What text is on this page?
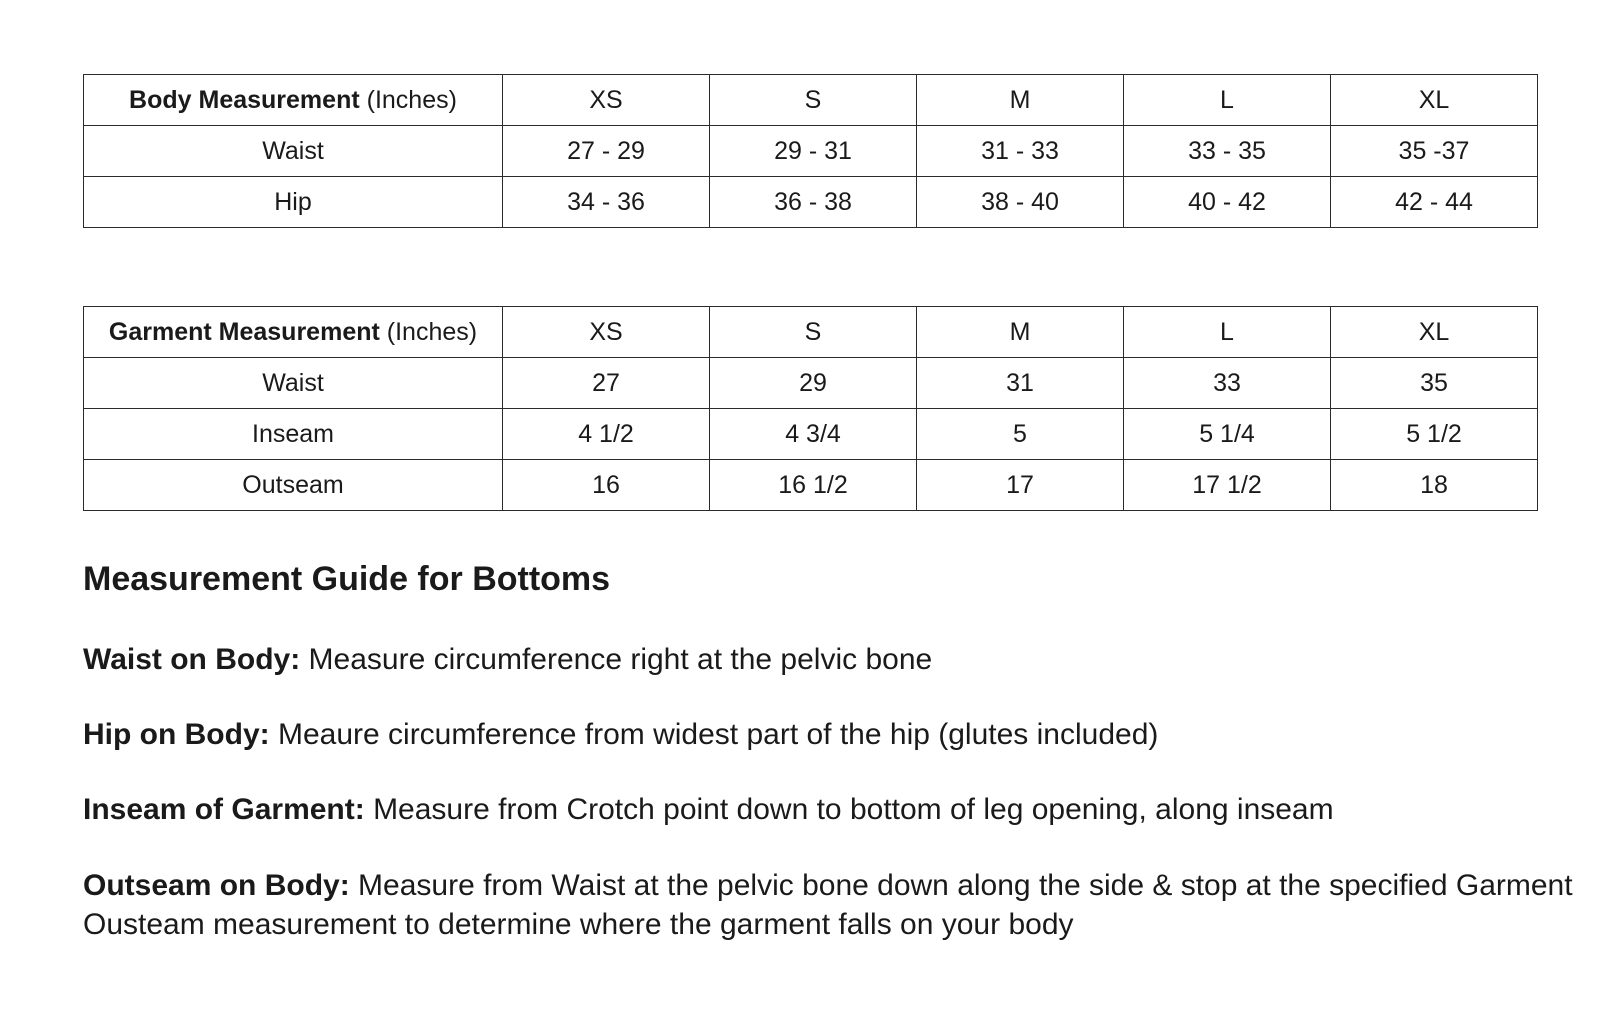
Body Measurement (Inches)	XS	S	M	L	XL
Waist	27 - 29	29 - 31	31 - 33	33 - 35	35 -37
Hip	34 - 36	36 - 38	38 - 40	40 - 42	42 - 44
Garment Measurement (Inches)	XS	S	M	L	XL
Waist	27	29	31	33	35
Inseam	4 1/2	4 3/4	5	5 1/4	5 1/2
Outseam	16	16 1/2	17	17 1/2	18
Measurement Guide for Bottoms

Waist on Body: Measure circumference right at the pelvic bone

Hip on Body: Meaure circumference from widest part of the hip (glutes included)

Inseam of Garment: Measure from Crotch point down to bottom of leg opening, along inseam

Outseam on Body: Measure from Waist at the pelvic bone down along the side & stop at the specified Garment Ousteam measurement to determine where the garment falls on your body
